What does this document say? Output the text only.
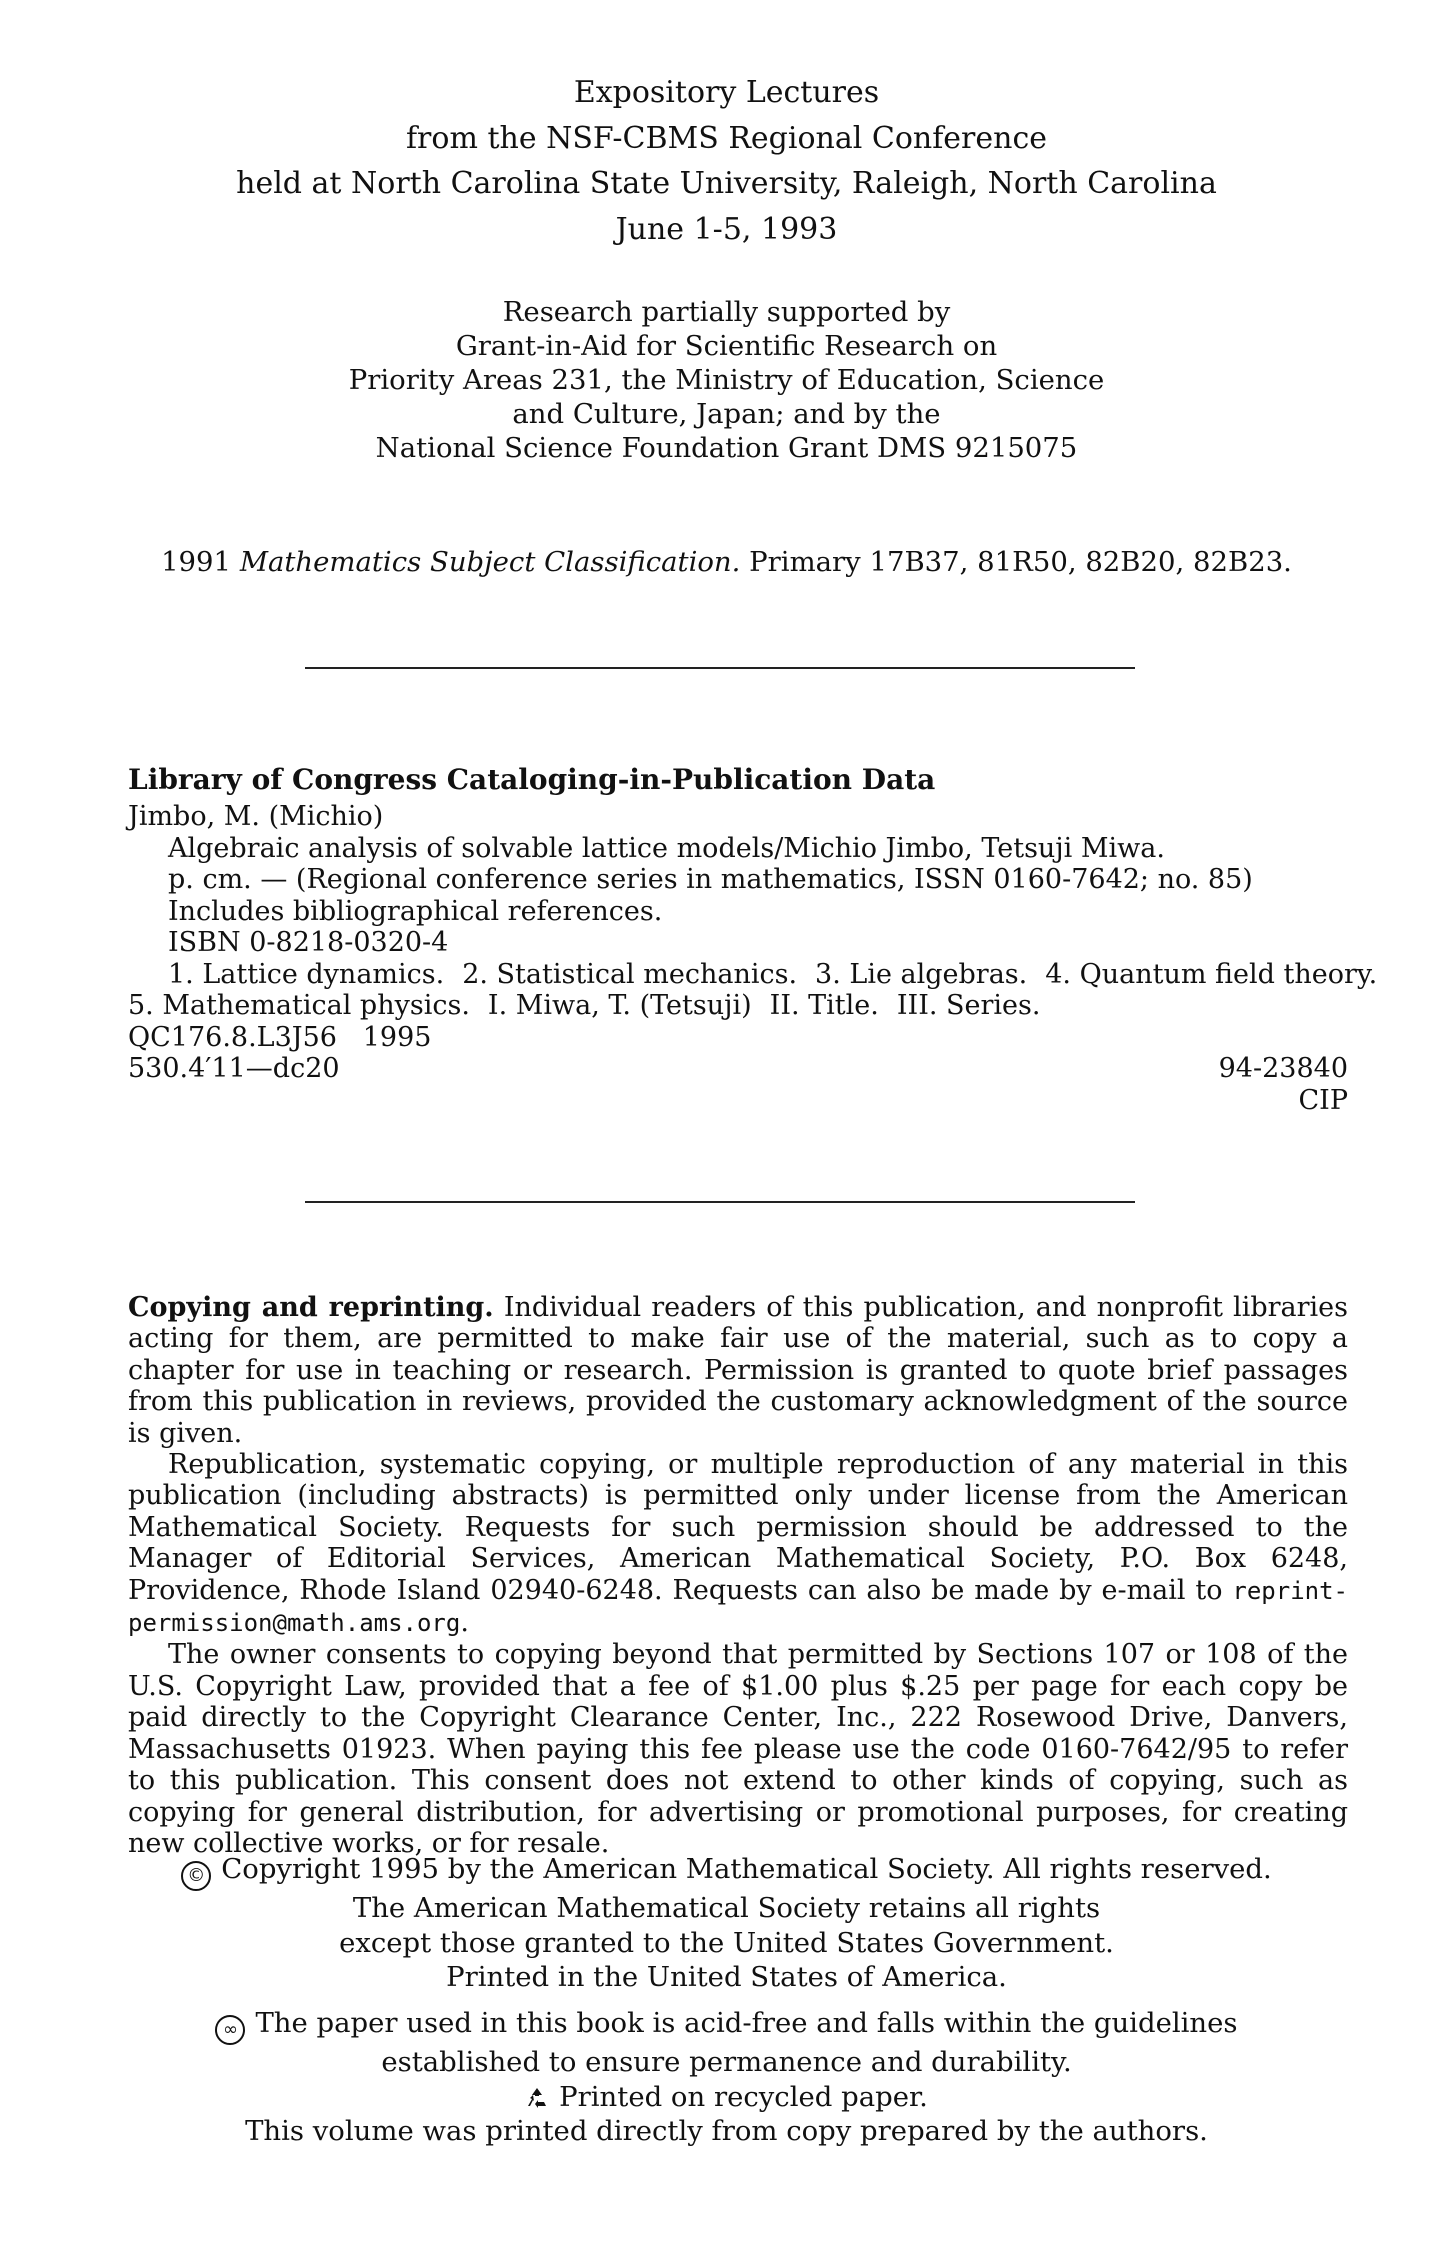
Expository Lectures
from the NSF-CBMS Regional Conference
held at North Carolina State University, Raleigh, North Carolina
June 1-5, 1993
Research partially supported by
Grant-in-Aid for Scientific Research on
Priority Areas 231, the Ministry of Education, Science
and Culture, Japan; and by the
National Science Foundation Grant DMS 9215075
1991 Mathematics Subject Classification. Primary 17B37, 81R50, 82B20, 82B23.
Library of Congress Cataloging-in-Publication Data
Jimbo, M. (Michio)
Algebraic analysis of solvable lattice models/Michio Jimbo, Tetsuji Miwa.
p. cm. — (Regional conference series in mathematics, ISSN 0160-7642; no. 85)
Includes bibliographical references.
ISBN 0-8218-0320-4
1. Lattice dynamics. 2. Statistical mechanics. 3. Lie algebras. 4. Quantum field theory.
5. Mathematical physics. I. Miwa, T. (Tetsuji) II. Title. III. Series.
QC176.8.L3J56   1995
530.4′11—dc20	94-23840
CIP

Copying and reprinting. Individual readers of this publication, and nonprofit libraries acting for them, are permitted to make fair use of the material, such as to copy a chapter for use in teaching or research. Permission is granted to quote brief passages from this publication in reviews, provided the customary acknowledgment of the source is given.

Republication, systematic copying, or multiple reproduction of any material in this publication (including abstracts) is permitted only under license from the American Mathematical Society. Requests for such permission should be addressed to the Manager of Editorial Services, American Mathematical Society, P.O. Box 6248, Providence, Rhode Island 02940-6248. Requests can also be made by e-mail to reprint-permission@math.ams.org.

The owner consents to copying beyond that permitted by Sections 107 or 108 of the U.S. Copyright Law, provided that a fee of $1.00 plus $.25 per page for each copy be paid directly to the Copyright Clearance Center, Inc., 222 Rosewood Drive, Danvers, Massachusetts 01923. When paying this fee please use the code 0160-7642/95 to refer to this publication. This consent does not extend to other kinds of copying, such as copying for general distribution, for advertising or promotional purposes, for creating new collective works, or for resale.

© Copyright 1995 by the American Mathematical Society. All rights reserved.
The American Mathematical Society retains all rights
except those granted to the United States Government.
Printed in the United States of America.
∞ The paper used in this book is acid-free and falls within the guidelines
established to ensure permanence and durability.
Printed on recycled paper.
This volume was printed directly from copy prepared by the authors.
